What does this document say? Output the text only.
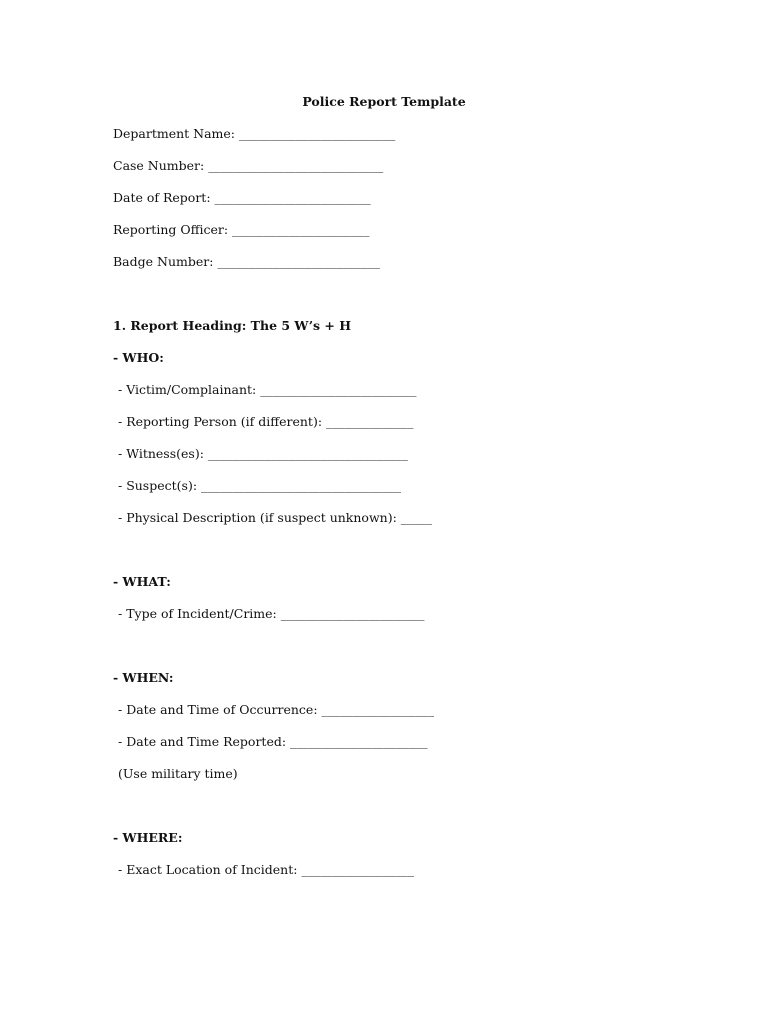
Police Report Template
Department Name: _________________________
Case Number: ____________________________
Date of Report: _________________________
Reporting Officer: ______________________
Badge Number: __________________________
1. Report Heading: The 5 W’s + H
- WHO:
- Victim/Complainant: _________________________
- Reporting Person (if different): ______________
- Witness(es): ________________________________
- Suspect(s): ________________________________
- Physical Description (if suspect unknown): _____
- WHAT:
- Type of Incident/Crime: _______________________
- WHEN:
- Date and Time of Occurrence: __________________
- Date and Time Reported: ______________________
(Use military time)
- WHERE:
- Exact Location of Incident: __________________
